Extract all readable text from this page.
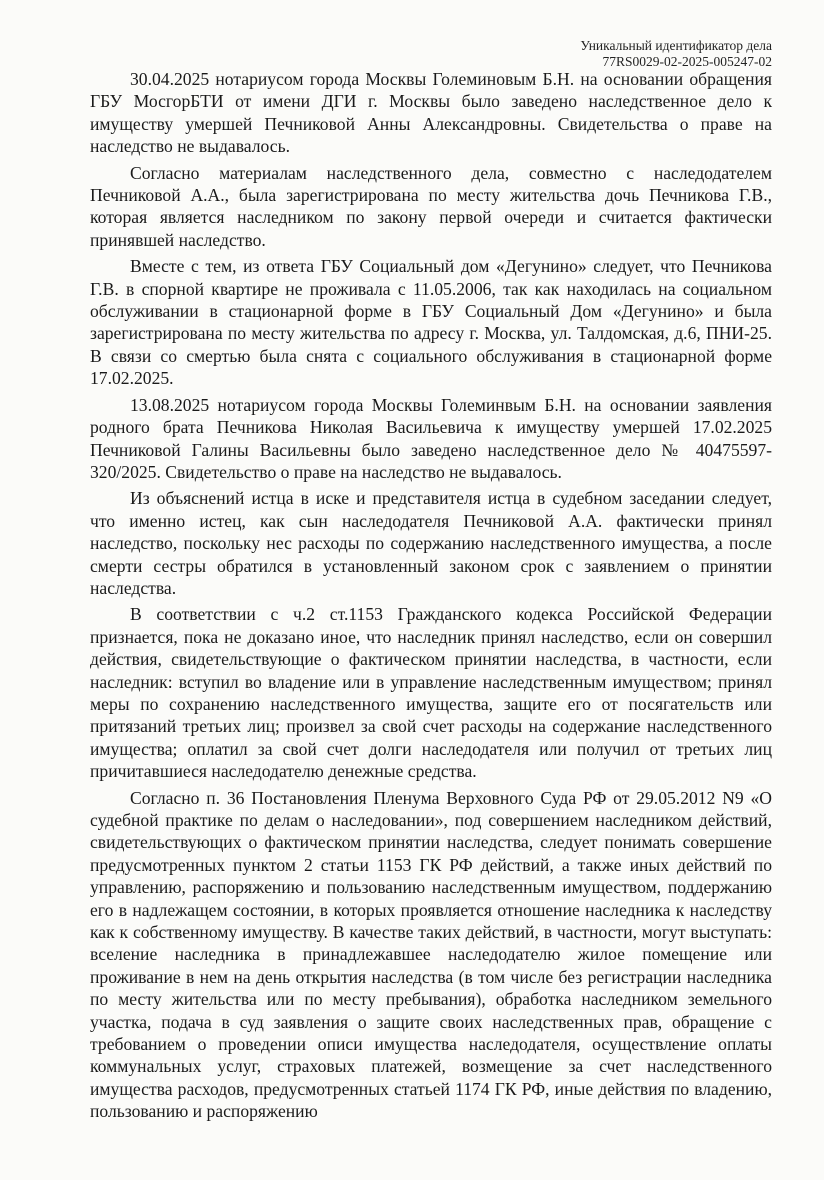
Уникальный идентификатор дела
77RS0029-02-2025-005247-02

30.04.2025 нотариусом города Москвы Големиновым Б.Н. на основании обращения ГБУ МосгорБТИ от имени ДГИ г. Москвы было заведено наследственное дело к имуществу умершей Печниковой Анны Александровны. Свидетельства о праве на наследство не выдавалось.

Согласно материалам наследственного дела, совместно с наследодателем Печниковой А.А., была зарегистрирована по месту жительства дочь Печникова Г.В., которая является наследником по закону первой очереди и считается фактически принявшей наследство.

Вместе с тем, из ответа ГБУ Социальный дом «Дегунино» следует, что Печникова Г.В. в спорной квартире не проживала с 11.05.2006, так как находилась на социальном обслуживании в стационарной форме в ГБУ Социальный Дом «Дегунино» и была зарегистрирована по месту жительства по адресу г. Москва, ул. Талдомская, д.6, ПНИ-25. В связи со смертью была снята с социального обслуживания в стационарной форме 17.02.2025.

13.08.2025 нотариусом города Москвы Големинвым Б.Н. на основании заявления родного брата Печникова Николая Васильевича к имуществу умершей 17.02.2025 Печниковой Галины Васильевны было заведено наследственное дело № 40475597-320/2025. Свидетельство о праве на наследство не выдавалось.

Из объяснений истца в иске и представителя истца в судебном заседании следует, что именно истец, как сын наследодателя Печниковой А.А. фактически принял наследство, поскольку нес расходы по содержанию наследственного имущества, а после смерти сестры обратился в установленный законом срок с заявлением о принятии наследства.

В соответствии с ч.2 ст.1153 Гражданского кодекса Российской Федерации признается, пока не доказано иное, что наследник принял наследство, если он совершил действия, свидетельствующие о фактическом принятии наследства, в частности, если наследник: вступил во владение или в управление наследственным имуществом; принял меры по сохранению наследственного имущества, защите его от посягательств или притязаний третьих лиц; произвел за свой счет расходы на содержание наследственного имущества; оплатил за свой счет долги наследодателя или получил от третьих лиц причитавшиеся наследодателю денежные средства.

Согласно п. 36 Постановления Пленума Верховного Суда РФ от 29.05.2012 N9 «О судебной практике по делам о наследовании», под совершением наследником действий, свидетельствующих о фактическом принятии наследства, следует понимать совершение предусмотренных пунктом 2 статьи 1153 ГК РФ действий, а также иных действий по управлению, распоряжению и пользованию наследственным имуществом, поддержанию его в надлежащем состоянии, в которых проявляется отношение наследника к наследству как к собственному имуществу. В качестве таких действий, в частности, могут выступать: вселение наследника в принадлежавшее наследодателю жилое помещение или проживание в нем на день открытия наследства (в том числе без регистрации наследника по месту жительства или по месту пребывания), обработка наследником земельного участка, подача в суд заявления о защите своих наследственных прав, обращение с требованием о проведении описи имущества наследодателя, осуществление оплаты коммунальных услуг, страховых платежей, возмещение за счет наследственного имущества расходов, предусмотренных статьей 1174 ГК РФ, иные действия по владению, пользованию и распоряжению
